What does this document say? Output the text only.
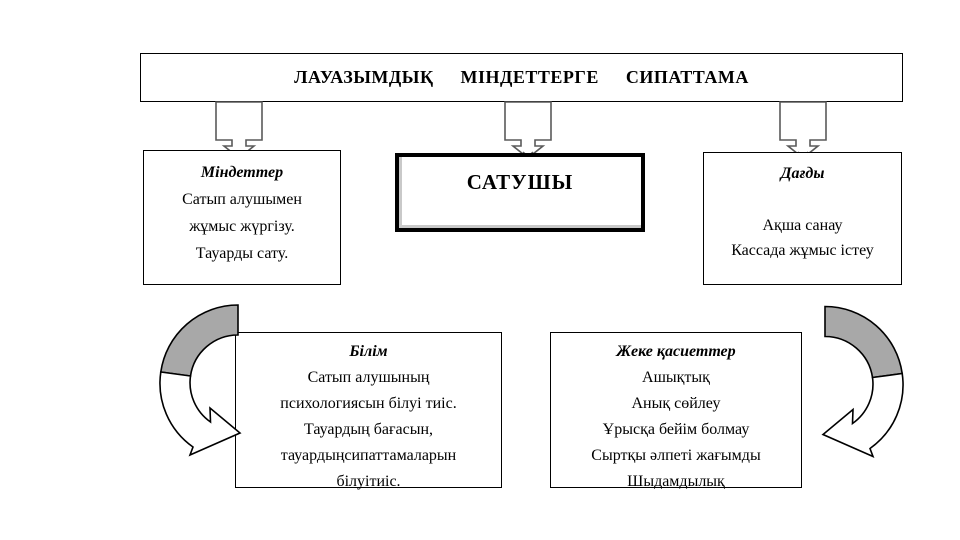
ЛАУАЗЫМДЫҚ МІНДЕТТЕРГЕ СИПАТТАМА
Міндеттер
Сатып алушымен
жұмыс жүргізу.
Тауарды сату.
САТУШЫ	Дағды
Ақша санау
Кассада жұмыс істеу
Білім
Сатып алушының
психологиясын білуі тиіс.
Тауардың бағасын,
тауардыңсипаттамаларын
білуітиіс.
Жеке қасиеттер
Ашықтық
Анық сөйлеу
Ұрысқа бейім болмау
Сыртқы әлпеті жағымды
Шыдамдылық
